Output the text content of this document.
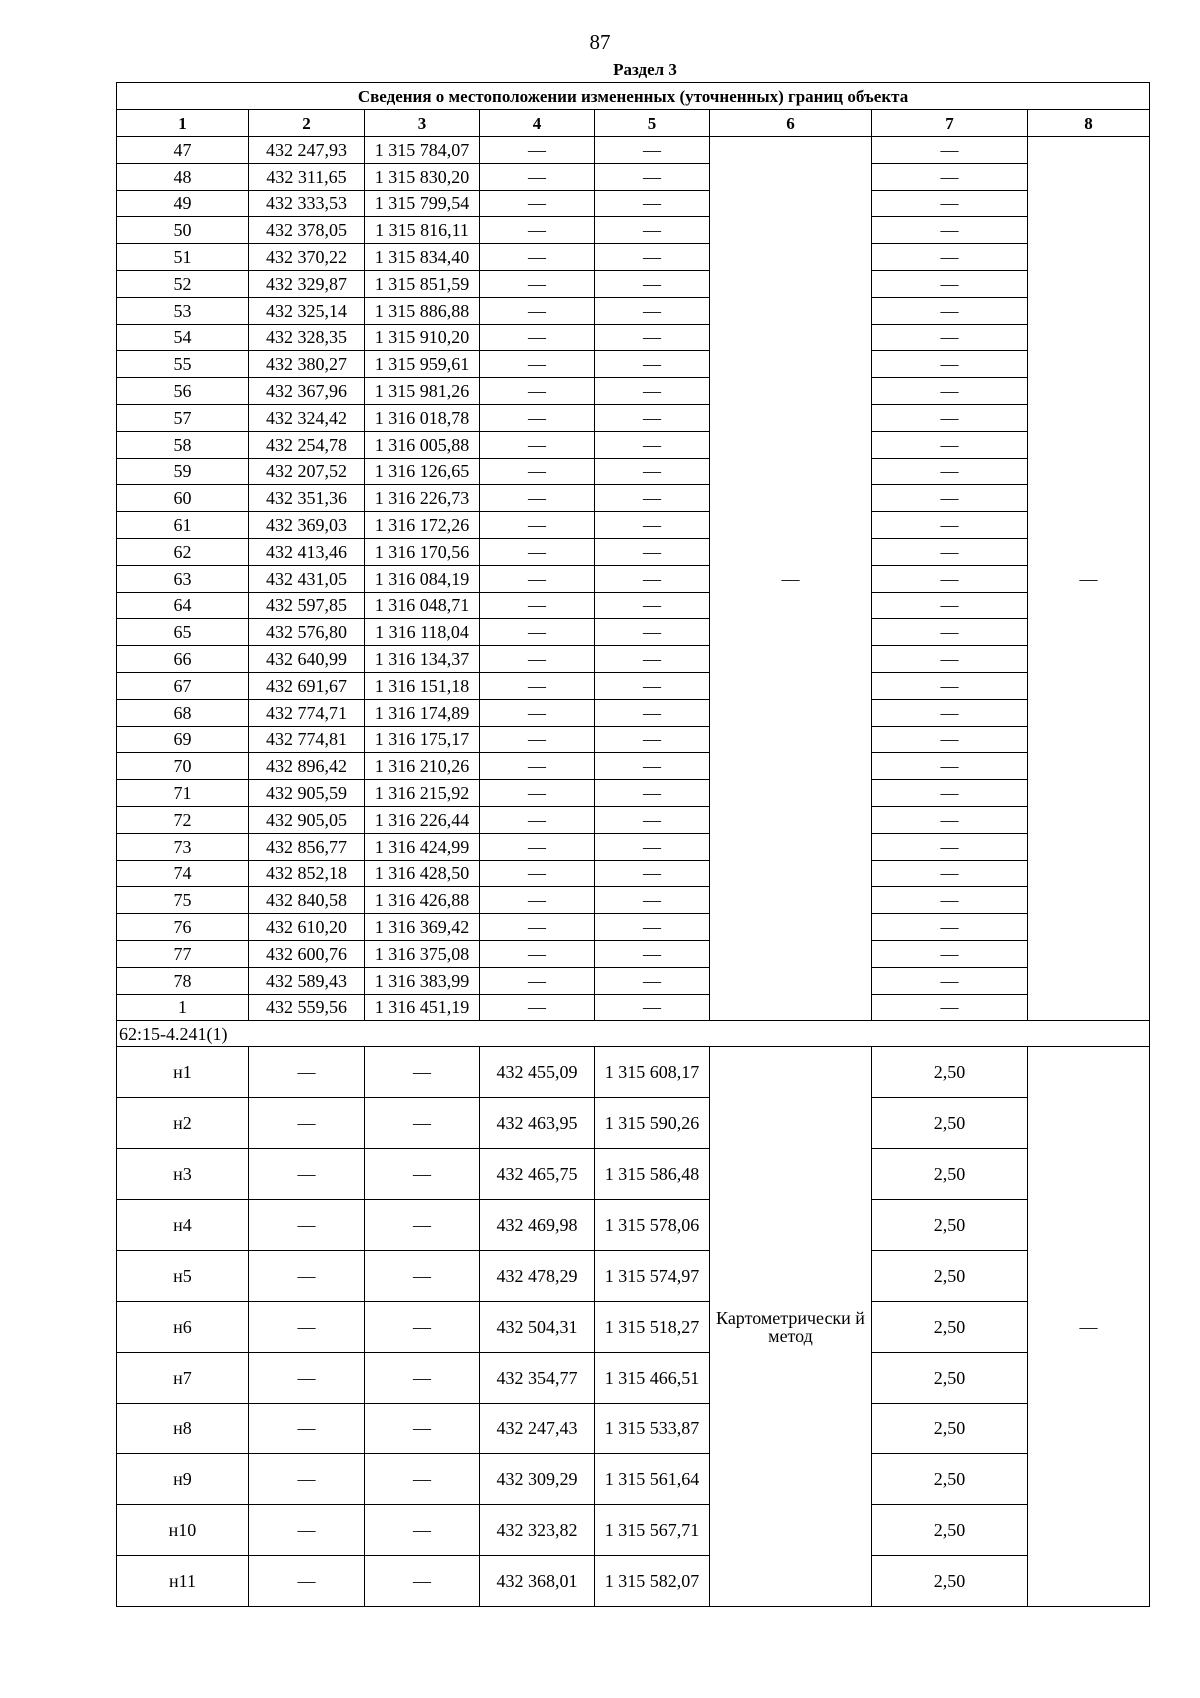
87
Раздел 3
Сведения о местоположении измененных (уточненных) границ объекта							
1	2	3	4	5	6	7	8
47	432 247,93	1 315 784,07	—	—	—	—	—
48	432 311,65	1 315 830,20	—	—		—	
49	432 333,53	1 315 799,54	—	—		—	
50	432 378,05	1 315 816,11	—	—		—	
51	432 370,22	1 315 834,40	—	—		—	
52	432 329,87	1 315 851,59	—	—		—	
53	432 325,14	1 315 886,88	—	—		—	
54	432 328,35	1 315 910,20	—	—		—	
55	432 380,27	1 315 959,61	—	—		—	
56	432 367,96	1 315 981,26	—	—		—	
57	432 324,42	1 316 018,78	—	—		—	
58	432 254,78	1 316 005,88	—	—		—	
59	432 207,52	1 316 126,65	—	—		—	
60	432 351,36	1 316 226,73	—	—		—	
61	432 369,03	1 316 172,26	—	—		—	
62	432 413,46	1 316 170,56	—	—		—	
63	432 431,05	1 316 084,19	—	—		—	
64	432 597,85	1 316 048,71	—	—		—	
65	432 576,80	1 316 118,04	—	—		—	
66	432 640,99	1 316 134,37	—	—		—	
67	432 691,67	1 316 151,18	—	—		—	
68	432 774,71	1 316 174,89	—	—		—	
69	432 774,81	1 316 175,17	—	—		—	
70	432 896,42	1 316 210,26	—	—		—	
71	432 905,59	1 316 215,92	—	—		—	
72	432 905,05	1 316 226,44	—	—		—	
73	432 856,77	1 316 424,99	—	—		—	
74	432 852,18	1 316 428,50	—	—		—	
75	432 840,58	1 316 426,88	—	—		—	
76	432 610,20	1 316 369,42	—	—		—	
77	432 600,76	1 316 375,08	—	—		—	
78	432 589,43	1 316 383,99	—	—		—	
1	432 559,56	1 316 451,19	—	—		—	
62:15-4.241(1)							
н1	—	—	432 455,09	1 315 608,17	Картометрически й метод	2,50	—
н2	—	—	432 463,95	1 315 590,26		2,50	
н3	—	—	432 465,75	1 315 586,48		2,50	
н4	—	—	432 469,98	1 315 578,06		2,50	
н5	—	—	432 478,29	1 315 574,97		2,50	
н6	—	—	432 504,31	1 315 518,27		2,50	
н7	—	—	432 354,77	1 315 466,51		2,50	
н8	—	—	432 247,43	1 315 533,87		2,50	
н9	—	—	432 309,29	1 315 561,64		2,50	
н10	—	—	432 323,82	1 315 567,71		2,50	
н11	—	—	432 368,01	1 315 582,07		2,50	
